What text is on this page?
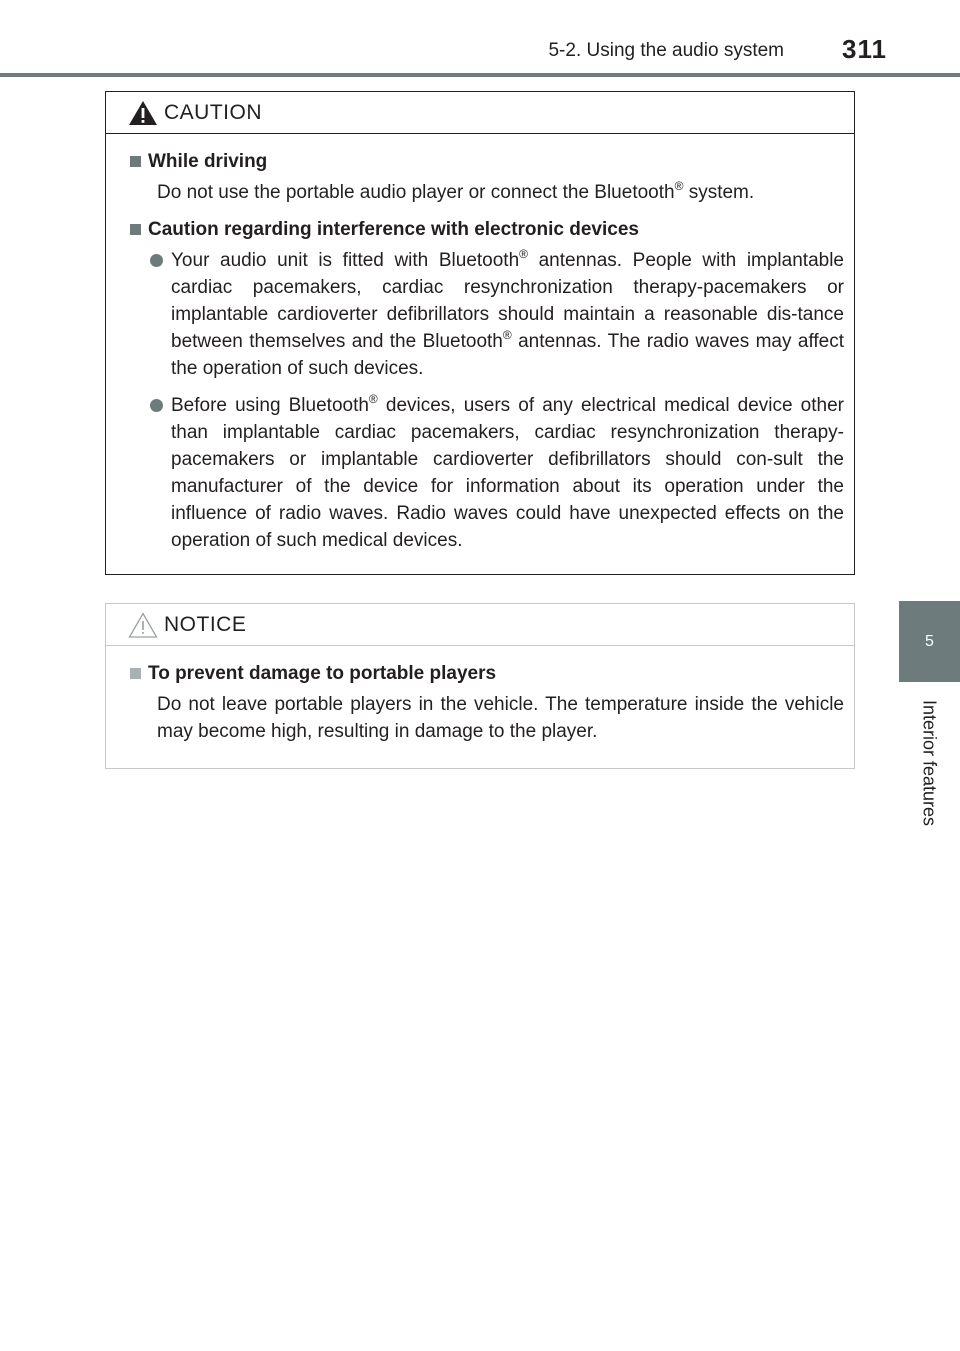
5-2. Using the audio system 311
5
Interior features
CAUTION
While driving
Do not use the portable audio player or connect the Bluetooth® system.
Caution regarding interference with electronic devices
Your audio unit is fitted with Bluetooth® antennas. People with implantable cardiac pacemakers, cardiac resynchronization therapy-pacemakers or implantable cardioverter defibrillators should maintain a reasonable dis-tance between themselves and the Bluetooth® antennas. The radio waves may affect the operation of such devices.
Before using Bluetooth® devices, users of any electrical medical device other than implantable cardiac pacemakers, cardiac resynchronization therapy-pacemakers or implantable cardioverter defibrillators should con-sult the manufacturer of the device for information about its operation under the influence of radio waves. Radio waves could have unexpected effects on the operation of such medical devices.
NOTICE
To prevent damage to portable players
Do not leave portable players in the vehicle. The temperature inside the vehicle may become high, resulting in damage to the player.
